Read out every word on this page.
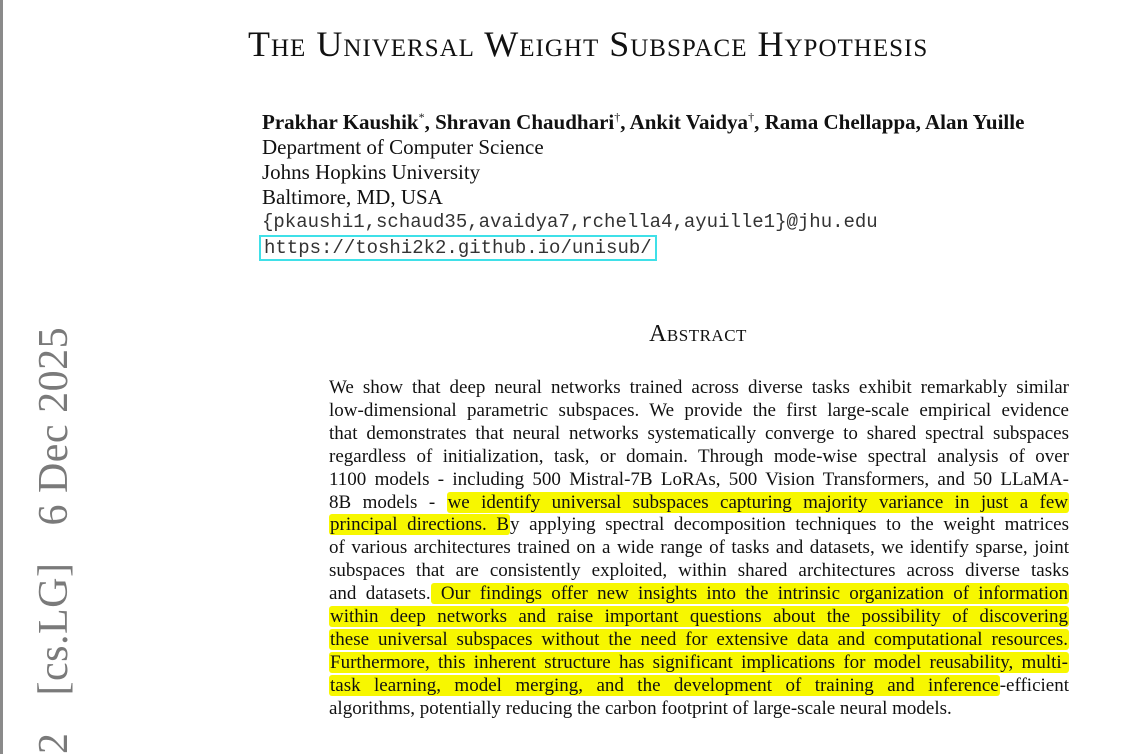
2 [cs.LG] 6 Dec 2025
The Universal Weight Subspace Hypothesis
Prakhar Kaushik*, Shravan Chaudhari†, Ankit Vaidya†, Rama Chellappa, Alan Yuille
Department of Computer Science
Johns Hopkins University
Baltimore, MD, USA
{pkaushi1,schaud35,avaidya7,rchella4,ayuille1}@jhu.edu
https://toshi2k2.github.io/unisub/
Abstract
We show that deep neural networks trained across diverse tasks exhibit remarkably similar
low-dimensional parametric subspaces. We provide the first large-scale empirical evidence
that demonstrates that neural networks systematically converge to shared spectral subspaces
regardless of initialization, task, or domain. Through mode-wise spectral analysis of over
1100 models - including 500 Mistral-7B LoRAs, 500 Vision Transformers, and 50 LLaMA-
8B models - we identify universal subspaces capturing majority variance in just a few
principal directions. By applying spectral decomposition techniques to the weight matrices
of various architectures trained on a wide range of tasks and datasets, we identify sparse, joint
subspaces that are consistently exploited, within shared architectures across diverse tasks
and datasets. Our findings offer new insights into the intrinsic organization of information
within deep networks and raise important questions about the possibility of discovering
these universal subspaces without the need for extensive data and computational resources.
Furthermore, this inherent structure has significant implications for model reusability, multi-
task learning, model merging, and the development of training and inference-efficient
algorithms, potentially reducing the carbon footprint of large-scale neural models.
